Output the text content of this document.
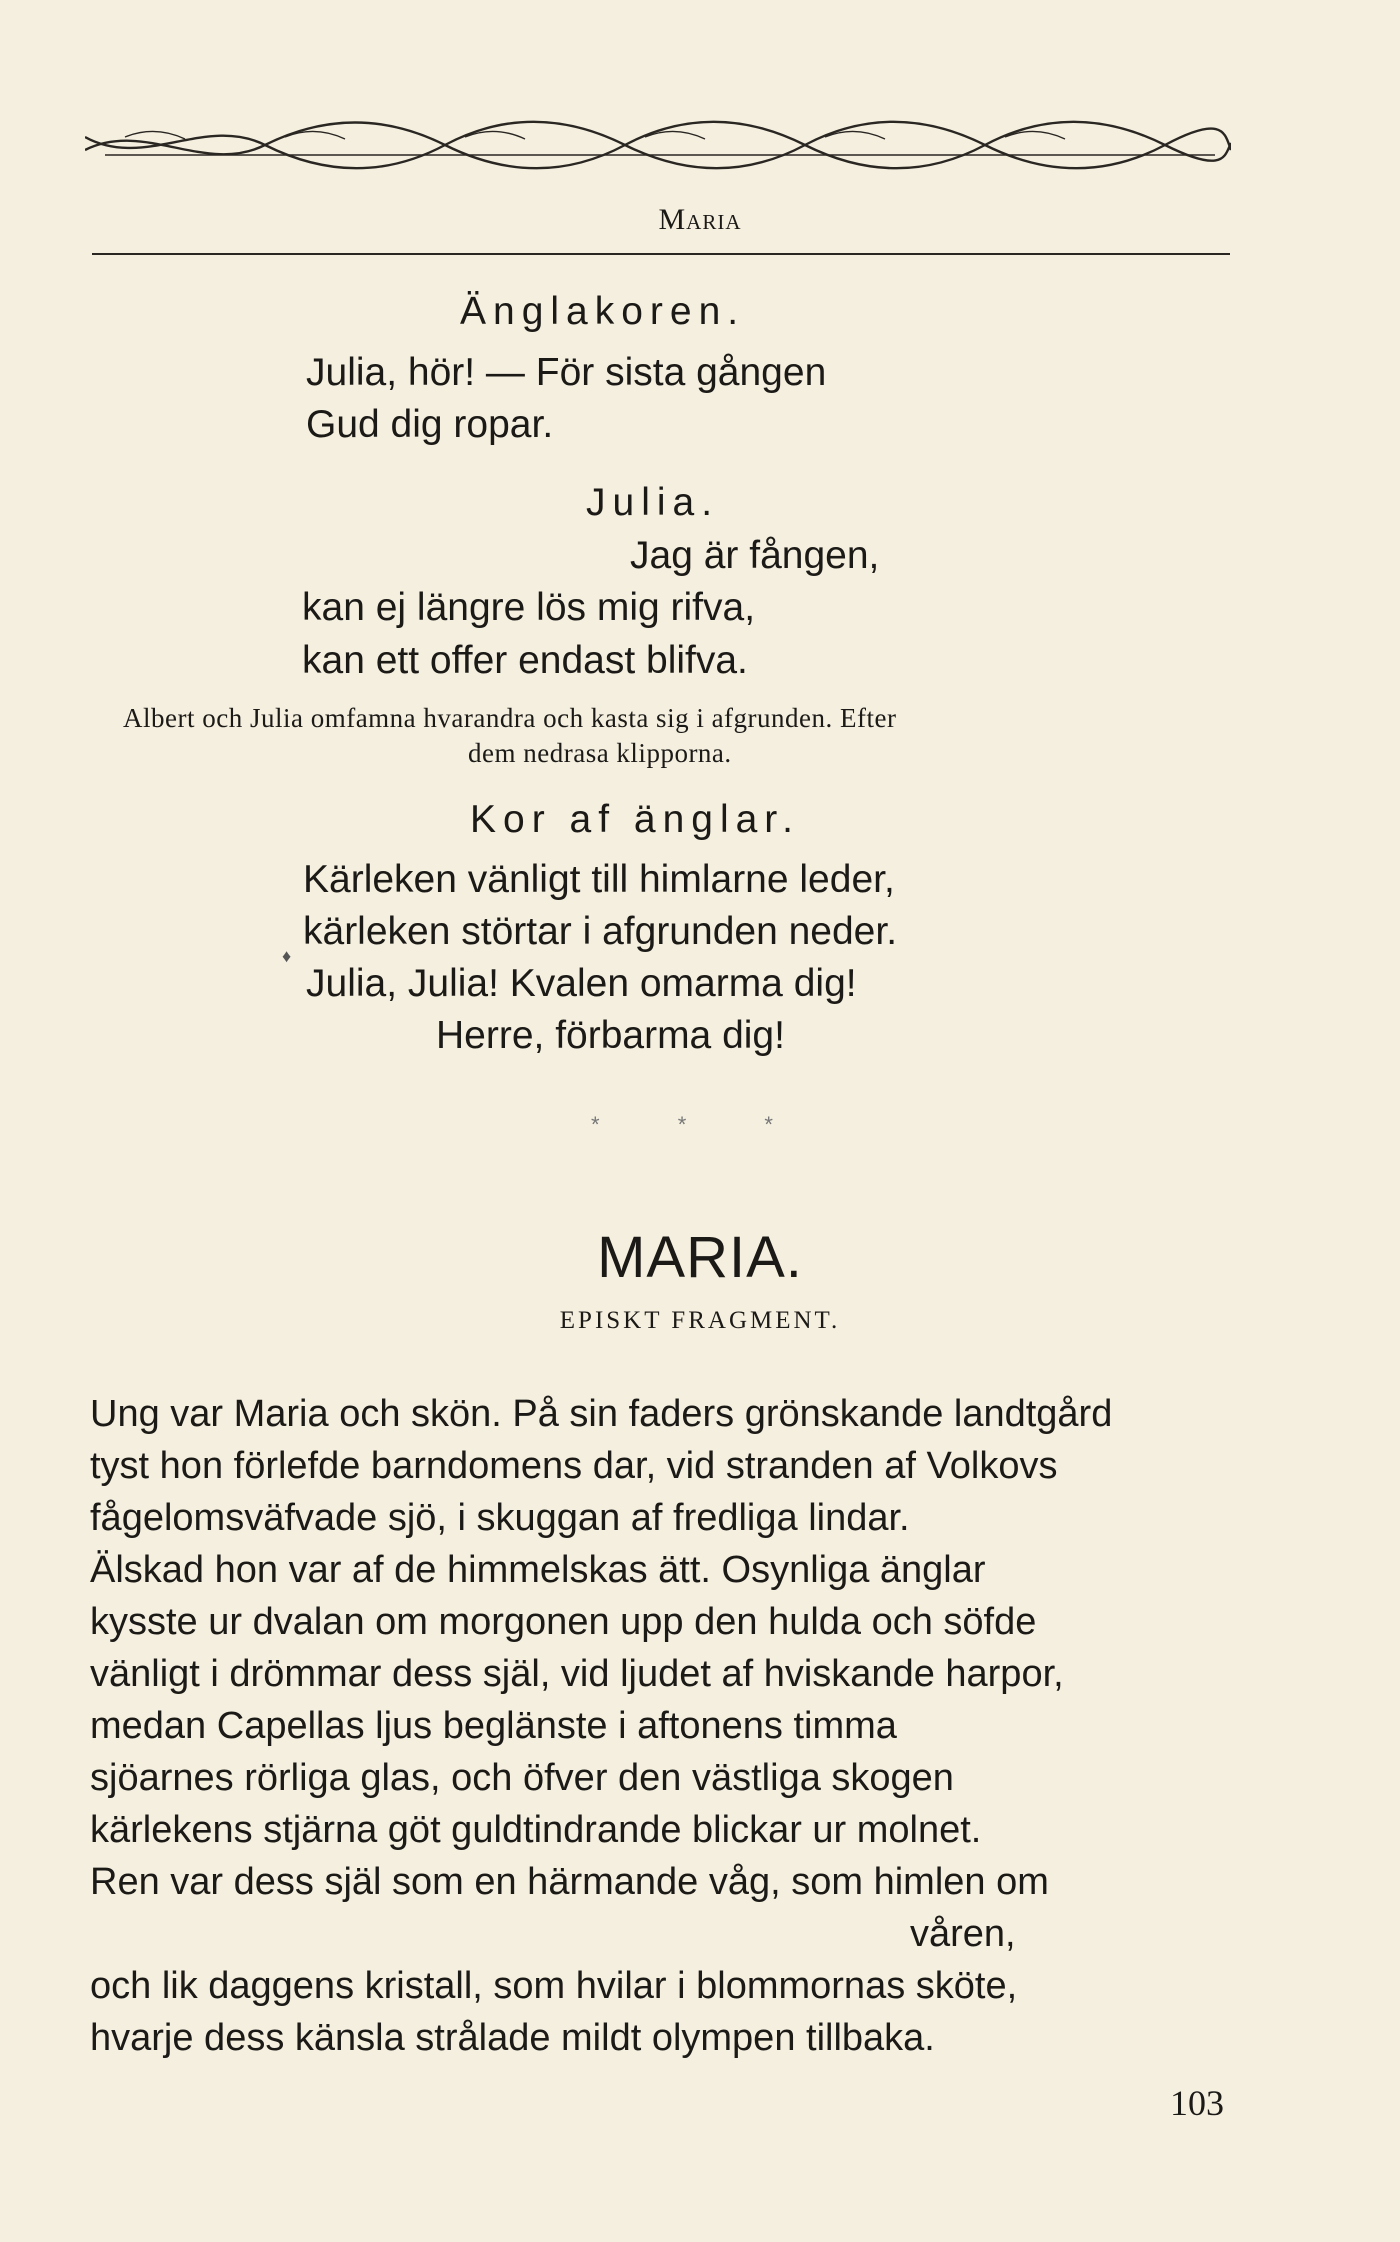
Maria
Änglakoren.
Julia, hör! — För sista gången
Gud dig ropar.
Julia.
Jag är fången,
kan ej längre lös mig rifva,
kan ett offer endast blifva.
Albert och Julia omfamna hvarandra och kasta sig i afgrunden. Efter
dem nedrasa klipporna.
Kor af änglar.
Kärleken vänligt till himlarne leder,
kärleken störtar i afgrunden neder.
Julia, Julia! Kvalen omarma dig!
Herre, förbarma dig!
♦
* * *
MARIA.
EPISKT FRAGMENT.
Ung var Maria och skön. På sin faders grönskande landtgård
tyst hon förlefde barndomens dar, vid stranden af Volkovs
fågelomsväfvade sjö, i skuggan af fredliga lindar.
Älskad hon var af de himmelskas ätt. Osynliga änglar
kysste ur dvalan om morgonen upp den hulda och söfde
vänligt i drömmar dess själ, vid ljudet af hviskande harpor,
medan Capellas ljus beglänste i aftonens timma
sjöarnes rörliga glas, och öfver den västliga skogen
kärlekens stjärna göt guldtindrande blickar ur molnet.
Ren var dess själ som en härmande våg, som himlen om
våren,
och lik daggens kristall, som hvilar i blommornas sköte,
hvarje dess känsla strålade mildt olympen tillbaka.
103
